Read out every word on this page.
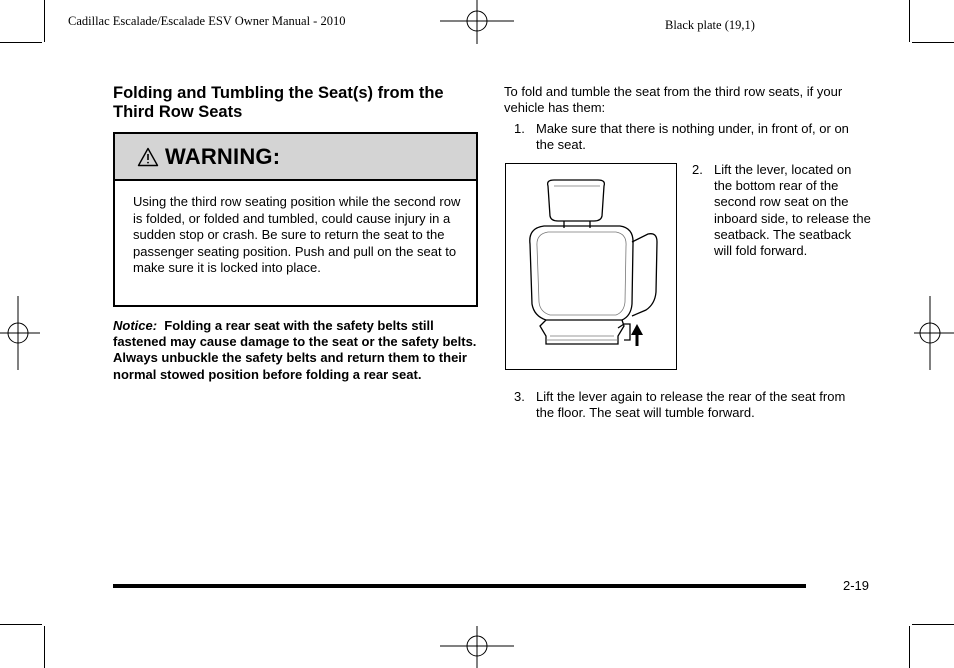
Cadillac Escalade/Escalade ESV Owner Manual - 2010	Black plate (19,1)
Folding and Tumbling the Seat(s) from the Third Row Seats
WARNING:
Using the third row seating position while the second row is folded, or folded and tumbled, could cause injury in a sudden stop or crash. Be sure to return the seat to the passenger seating position. Push and pull on the seat to make sure it is locked into place.
Notice: Folding a rear seat with the safety belts still fastened may cause damage to the seat or the safety belts. Always unbuckle the safety belts and return them to their normal stowed position before folding a rear seat.
To fold and tumble the seat from the third row seats, if your vehicle has them:
1. Make sure that there is nothing under, in front of, or on the seat.
2. Lift the lever, located on the bottom rear of the second row seat on the inboard side, to release the seatback. The seatback will fold forward.
3. Lift the lever again to release the rear of the seat from the floor. The seat will tumble forward.
2-19
